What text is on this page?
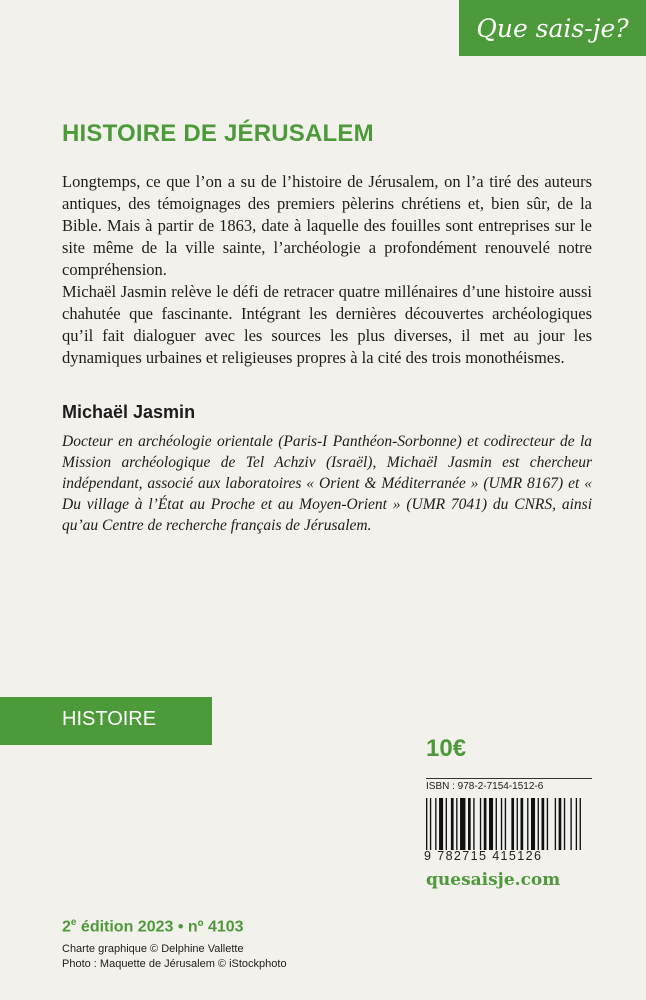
Que sais-je?
HISTOIRE DE JÉRUSALEM

Longtemps, ce que l’on a su de l’histoire de Jérusalem, on l’a tiré des auteurs antiques, des témoignages des premiers pèlerins chrétiens et, bien sûr, de la Bible. Mais à partir de 1863, date à laquelle des fouilles sont entreprises sur le site même de la ville sainte, l’archéologie a profondément renouvelé notre compréhension.

Michaël Jasmin relève le défi de retracer quatre millénaires d’une histoire aussi chahutée que fascinante. Intégrant les dernières découvertes archéologiques qu’il fait dialoguer avec les sources les plus diverses, il met au jour les dynamiques urbaines et religieuses propres à la cité des trois monothéismes.

Michaël Jasmin

Docteur en archéologie orientale (Paris-I Panthéon-Sorbonne) et codirecteur de la Mission archéologique de Tel Achziv (Israël), Michaël Jasmin est chercheur indépendant, associé aux laboratoires « Orient & Méditerranée » (UMR 8167) et « Du village à l’État au Proche et au Moyen-Orient » (UMR 7041) du CNRS, ainsi qu’au Centre de recherche français de Jérusalem.

HISTOIRE

10€

ISBN : 978-2-7154-1512-6

9 782715 415126

quesaisje.com

2e édition 2023 • nº 4103

Charte graphique © Delphine Vallette

Photo : Maquette de Jérusalem © iStockphoto
